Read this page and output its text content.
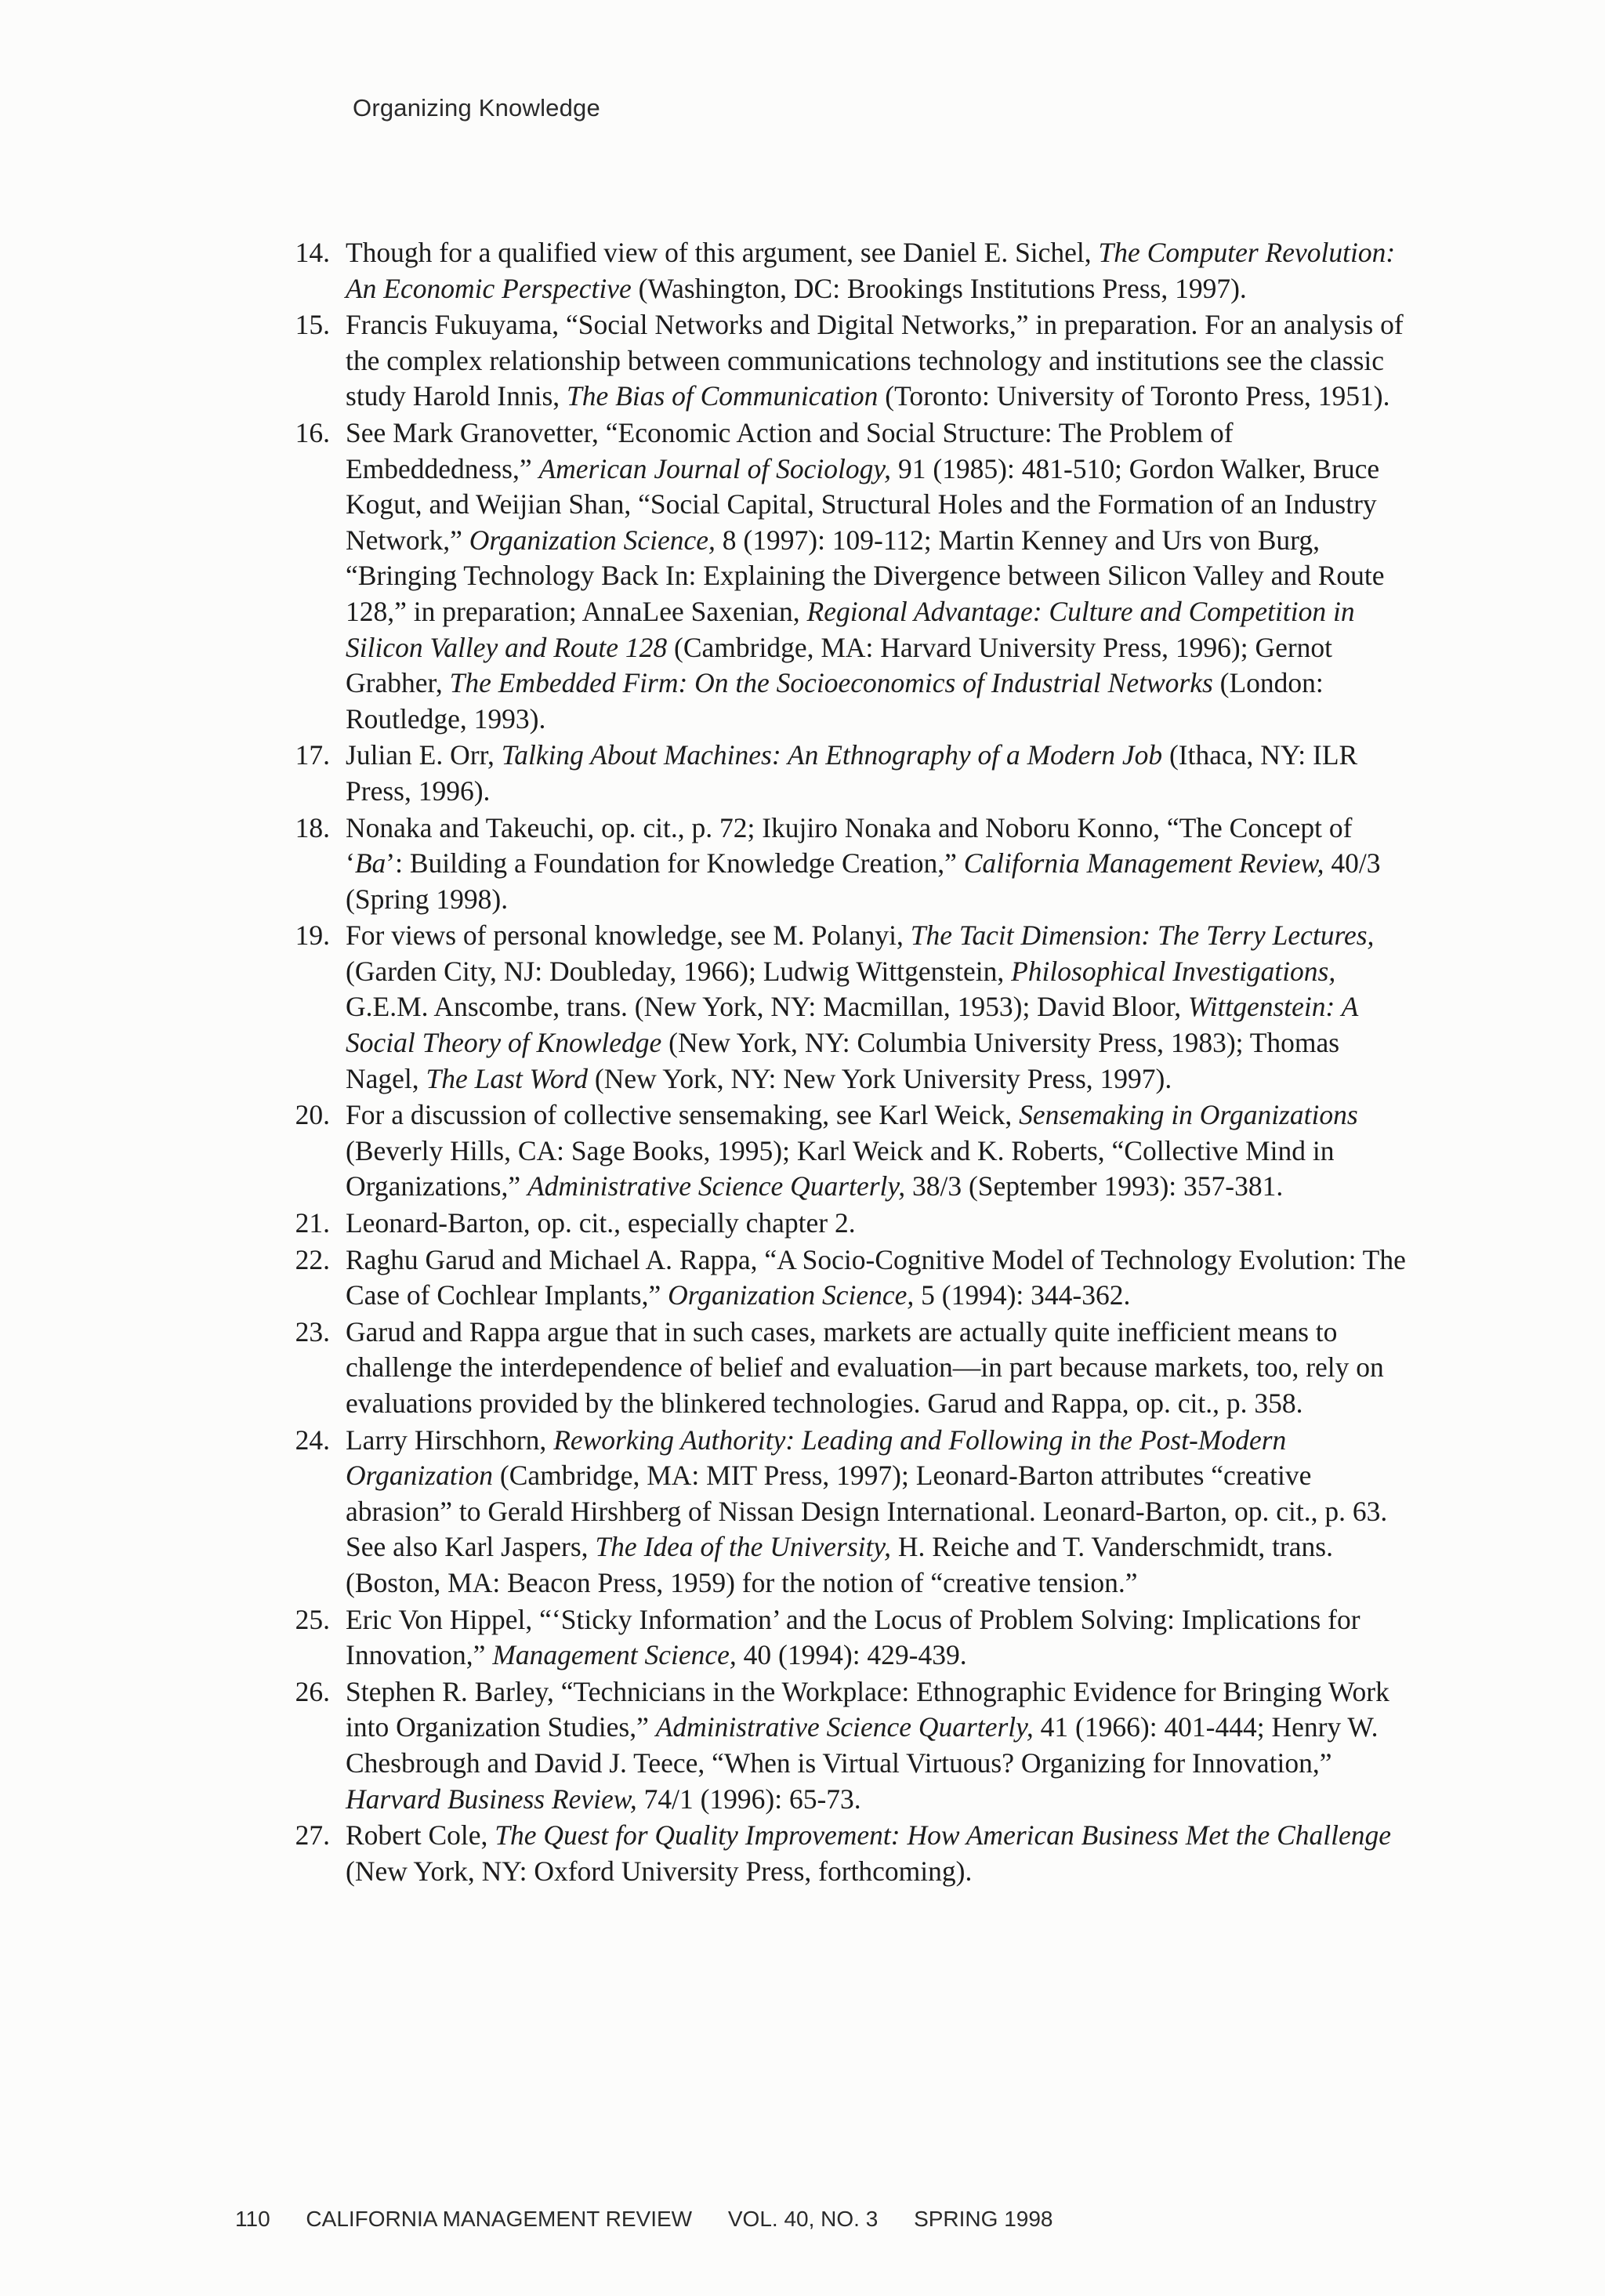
Organizing Knowledge
14. Though for a qualified view of this argument, see Daniel E. Sichel, The Computer Revolution: An Economic Perspective (Washington, DC: Brookings Institutions Press, 1997).
15. Francis Fukuyama, “Social Networks and Digital Networks,” in preparation. For an analysis of the complex relationship between communications technology and institutions see the classic study Harold Innis, The Bias of Communication (Toronto: University of Toronto Press, 1951).
16. See Mark Granovetter, “Economic Action and Social Structure: The Problem of Embeddedness,” American Journal of Sociology, 91 (1985): 481-510; Gordon Walker, Bruce Kogut, and Weijian Shan, “Social Capital, Structural Holes and the Formation of an Industry Network,” Organization Science, 8 (1997): 109-112; Martin Kenney and Urs von Burg, “Bringing Technology Back In: Explaining the Divergence between Silicon Valley and Route 128,” in preparation; AnnaLee Saxenian, Regional Advantage: Culture and Competition in Silicon Valley and Route 128 (Cambridge, MA: Harvard University Press, 1996); Gernot Grabher, The Embedded Firm: On the Socioeconomics of Industrial Networks (London: Routledge, 1993).
17. Julian E. Orr, Talking About Machines: An Ethnography of a Modern Job (Ithaca, NY: ILR Press, 1996).
18. Nonaka and Takeuchi, op. cit., p. 72; Ikujiro Nonaka and Noboru Konno, “The Concept of ‘Ba’: Building a Foundation for Knowledge Creation,” California Management Review, 40/3 (Spring 1998).
19. For views of personal knowledge, see M. Polanyi, The Tacit Dimension: The Terry Lectures, (Garden City, NJ: Doubleday, 1966); Ludwig Wittgenstein, Philosophical Investigations, G.E.M. Anscombe, trans. (New York, NY: Macmillan, 1953); David Bloor, Wittgenstein: A Social Theory of Knowledge (New York, NY: Columbia University Press, 1983); Thomas Nagel, The Last Word (New York, NY: New York University Press, 1997).
20. For a discussion of collective sensemaking, see Karl Weick, Sensemaking in Organizations (Beverly Hills, CA: Sage Books, 1995); Karl Weick and K. Roberts, “Collective Mind in Organizations,” Administrative Science Quarterly, 38/3 (September 1993): 357-381.
21. Leonard-Barton, op. cit., especially chapter 2.
22. Raghu Garud and Michael A. Rappa, “A Socio-Cognitive Model of Technology Evolution: The Case of Cochlear Implants,” Organization Science, 5 (1994): 344-362.
23. Garud and Rappa argue that in such cases, markets are actually quite inefficient means to challenge the interdependence of belief and evaluation—in part because markets, too, rely on evaluations provided by the blinkered technologies. Garud and Rappa, op. cit., p. 358.
24. Larry Hirschhorn, Reworking Authority: Leading and Following in the Post-Modern Organization (Cambridge, MA: MIT Press, 1997); Leonard-Barton attributes “creative abrasion” to Gerald Hirshberg of Nissan Design International. Leonard-Barton, op. cit., p. 63. See also Karl Jaspers, The Idea of the University, H. Reiche and T. Vanderschmidt, trans. (Boston, MA: Beacon Press, 1959) for the notion of “creative tension.”
25. Eric Von Hippel, “‘Sticky Information’ and the Locus of Problem Solving: Implications for Innovation,” Management Science, 40 (1994): 429-439.
26. Stephen R. Barley, “Technicians in the Workplace: Ethnographic Evidence for Bringing Work into Organization Studies,” Administrative Science Quarterly, 41 (1966): 401-444; Henry W. Chesbrough and David J. Teece, “When is Virtual Virtuous? Organizing for Innovation,” Harvard Business Review, 74/1 (1996): 65-73.
27. Robert Cole, The Quest for Quality Improvement: How American Business Met the Challenge (New York, NY: Oxford University Press, forthcoming).
110 CALIFORNIA MANAGEMENT REVIEW VOL. 40, NO. 3 SPRING 1998
